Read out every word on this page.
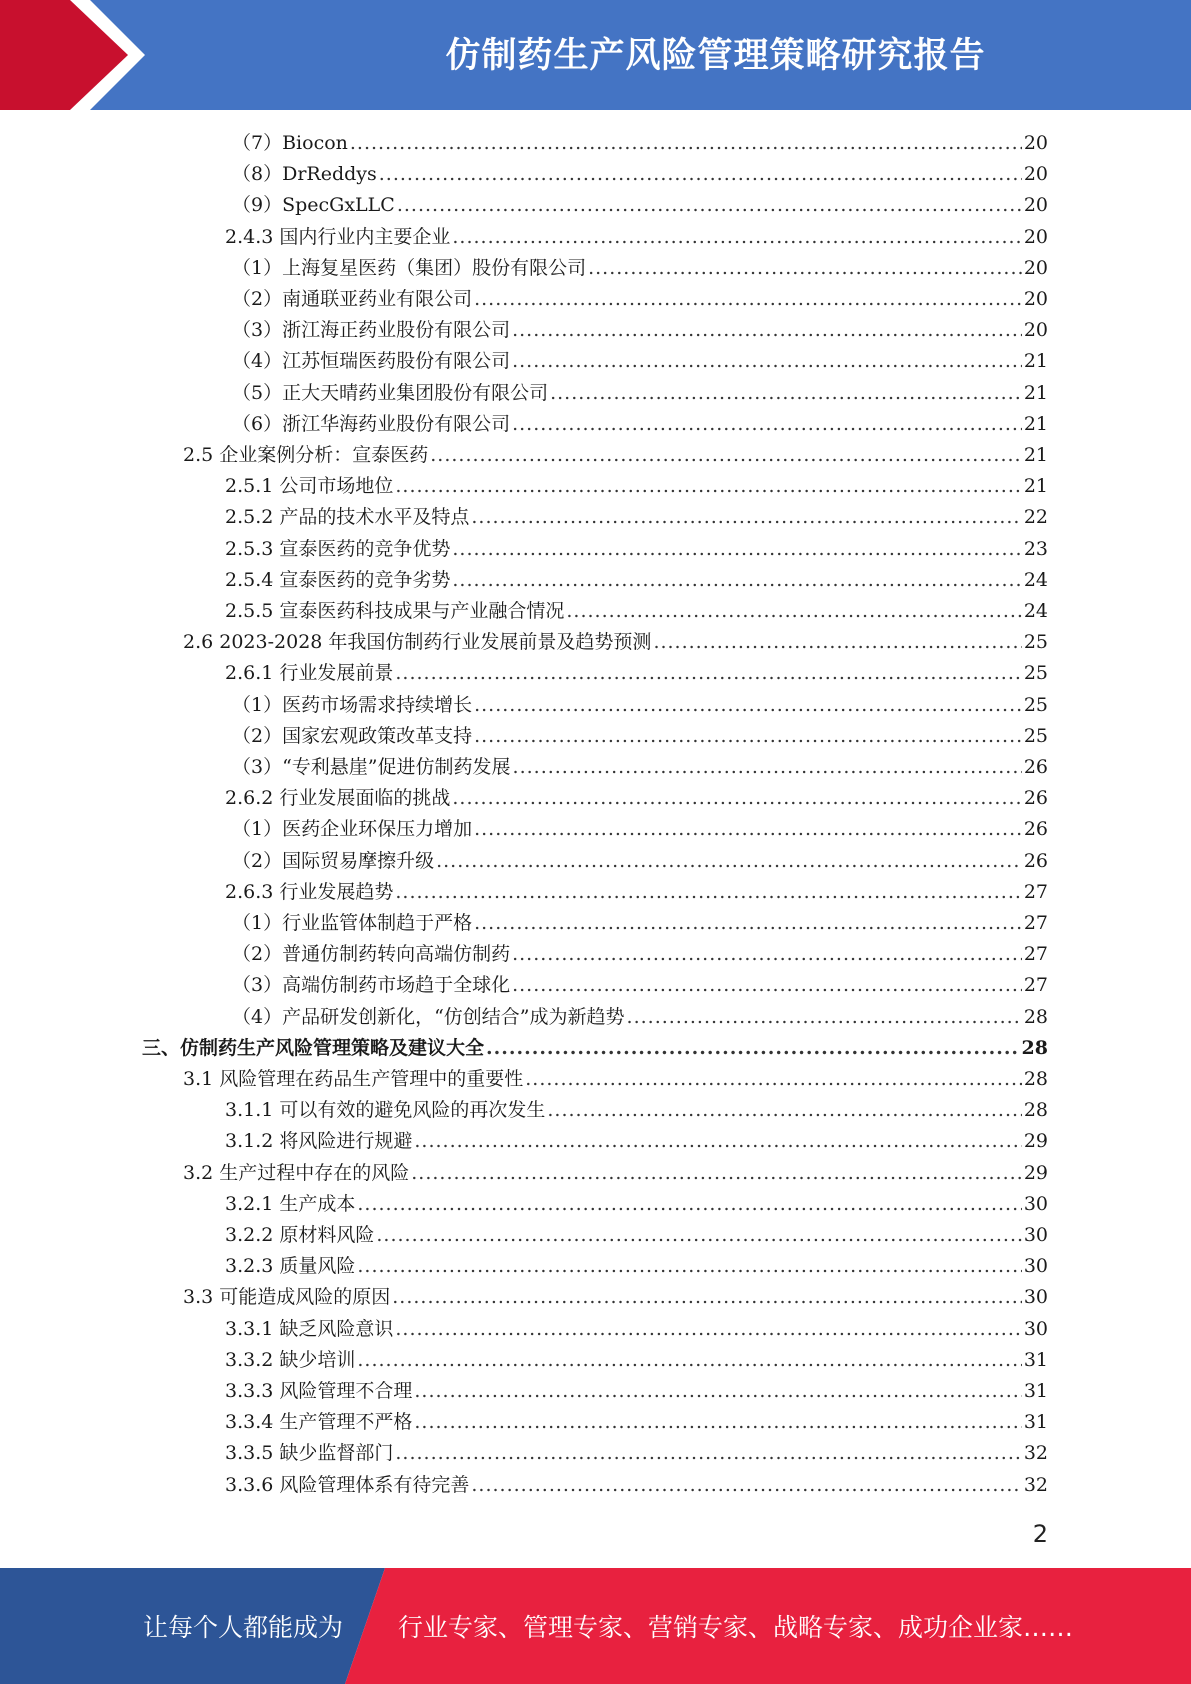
仿制药生产风险管理策略研究报告
（7）Biocon .....	20
（8）DrReddys .....	20
（9）SpecGxLLC .....	20
2.4.3 国内行业内主要企业 .....	20
（1）上海复星医药（集团）股份有限公司 .....	20
（2）南通联亚药业有限公司 .....	20
（3）浙江海正药业股份有限公司 .....	20
（4）江苏恒瑞医药股份有限公司 .....	21
（5）正大天晴药业集团股份有限公司 .....	21
（6）浙江华海药业股份有限公司 .....	21
2.5 企业案例分析：宣泰医药 .....	21
2.5.1 公司市场地位 .....	21
2.5.2 产品的技术水平及特点 .....	22
2.5.3 宣泰医药的竞争优势 .....	23
2.5.4 宣泰医药的竞争劣势 .....	24
2.5.5 宣泰医药科技成果与产业融合情况 .....	24
2.6 2023-2028 年我国仿制药行业发展前景及趋势预测 .....	25
2.6.1 行业发展前景 .....	25
（1）医药市场需求持续增长 .....	25
（2）国家宏观政策改革支持 .....	25
（3）“专利悬崖”促进仿制药发展 .....	26
2.6.2 行业发展面临的挑战 .....	26
（1）医药企业环保压力增加 .....	26
（2）国际贸易摩擦升级 .....	26
2.6.3 行业发展趋势 .....	27
（1）行业监管体制趋于严格 .....	27
（2）普通仿制药转向高端仿制药 .....	27
（3）高端仿制药市场趋于全球化 .....	27
（4）产品研发创新化，“仿创结合”成为新趋势 .....	28
三、仿制药生产风险管理策略及建议大全 .....	28
3.1 风险管理在药品生产管理中的重要性 .....	28
3.1.1 可以有效的避免风险的再次发生 .....	28
3.1.2 将风险进行规避 .....	29
3.2 生产过程中存在的风险 .....	29
3.2.1 生产成本 .....	30
3.2.2 原材料风险 .....	30
3.2.3 质量风险 .....	30
3.3 可能造成风险的原因 .....	30
3.3.1 缺乏风险意识 .....	30
3.3.2 缺少培训 .....	31
3.3.3 风险管理不合理 .....	31
3.3.4 生产管理不严格 .....	31
3.3.5 缺少监督部门 .....	32
3.3.6 风险管理体系有待完善 .....	32
2
让每个人都能成为 行业专家、管理专家、营销专家、战略专家、成功企业家……
